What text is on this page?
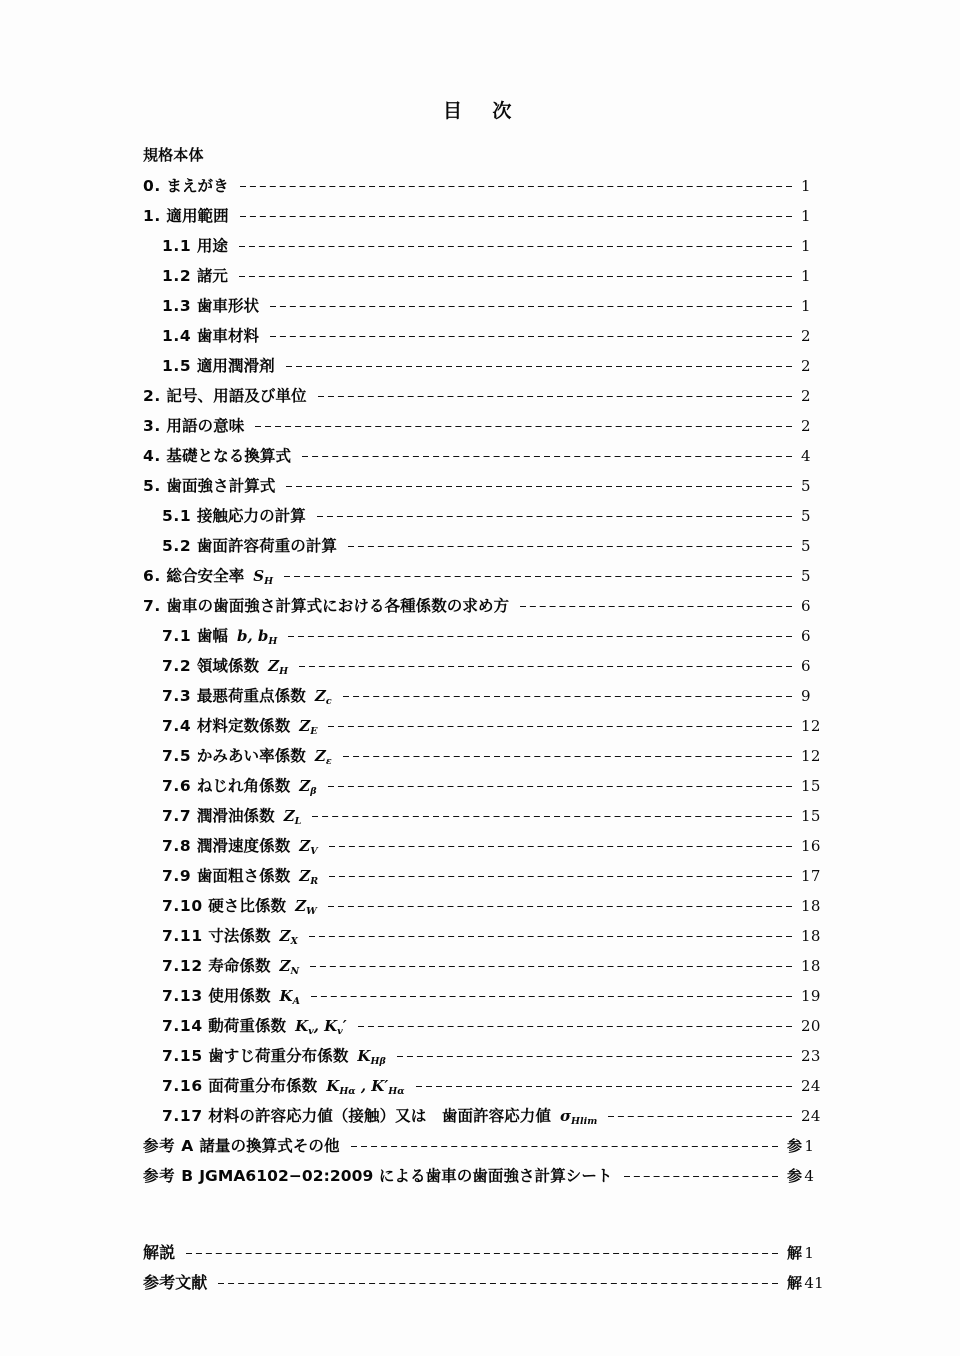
目　次
規格本体
0. まえがき	1
1. 適用範囲	1
1.1 用途	1
1.2 諸元	1
1.3 歯車形状	1
1.4 歯車材料	2
1.5 適用潤滑剤	2
2. 記号、用語及び単位	2
3. 用語の意味	2
4. 基礎となる換算式	4
5. 歯面強さ計算式	5
5.1 接触応力の計算	5
5.2 歯面許容荷重の計算	5
6. 総合安全率 $S_H$	5
7. 歯車の歯面強さ計算式における各種係数の求め方	6
7.1 歯幅 b, $b_H$	6
7.2 領域係数 $Z_H$	6
7.3 最悪荷重点係数 $Z_c$	9
7.4 材料定数係数 $Z_E$	12
7.5 かみあい率係数 $Z_\varepsilon$	12
7.6 ねじれ角係数 $Z_\beta$	15
7.7 潤滑油係数 $Z_L$	15
7.8 潤滑速度係数 $Z_V$	16
7.9 歯面粗さ係数 $Z_R$	17
7.10 硬さ比係数 $Z_W$	18
7.11 寸法係数 $Z_X$	18
7.12 寿命係数 $Z_N$	18
7.13 使用係数 $K_A$	19
7.14 動荷重係数 $K_v$, $K_v'$	20
7.15 歯すじ荷重分布係数 $K_{H\beta}$	23
7.16 面荷重分布係数 $K_{H\alpha}$ , $K'_{H\alpha}$	24
7.17 材料の許容応力値（接触）又は　歯面許容応力値 $\sigma_{Hlim}$	24
参考 A 諸量の換算式その他	参 1
参考 B JGMA6102−02:2009 による歯車の歯面強さ計算シート	参 4
解説	解 1
参考文献	解 41
